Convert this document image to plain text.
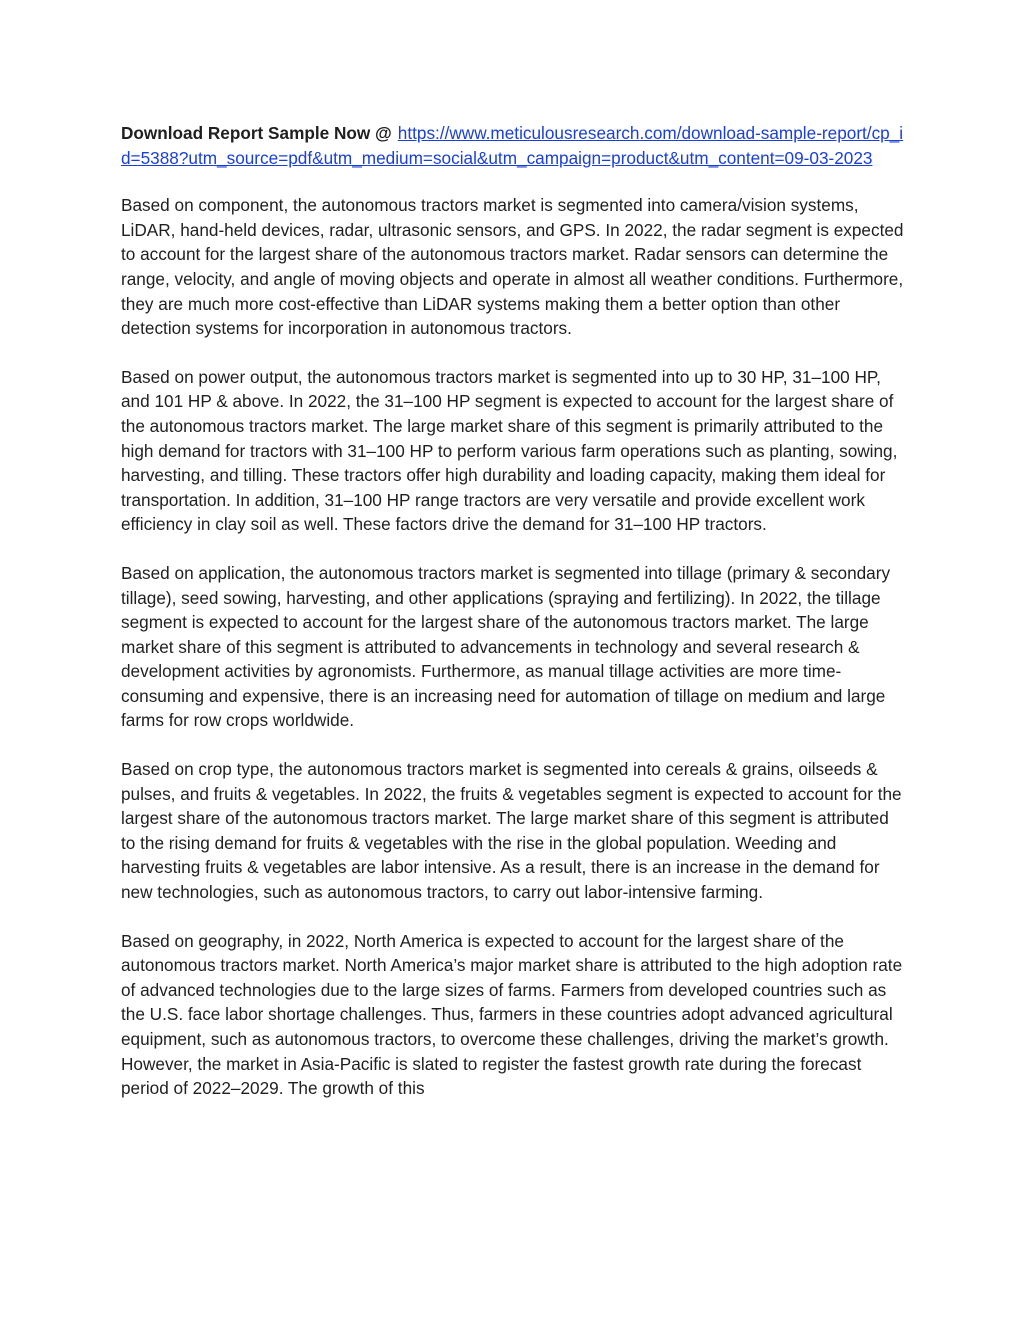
Download Report Sample Now @ https://www.meticulousresearch.com/download-sample-report/cp_id=5388?utm_source=pdf&utm_medium=social&utm_campaign=product&utm_content=09-03-2023

Based on component, the autonomous tractors market is segmented into camera/vision systems, LiDAR, hand-held devices, radar, ultrasonic sensors, and GPS. In 2022, the radar segment is expected to account for the largest share of the autonomous tractors market. Radar sensors can determine the range, velocity, and angle of moving objects and operate in almost all weather conditions. Furthermore, they are much more cost-effective than LiDAR systems making them a better option than other detection systems for incorporation in autonomous tractors.

Based on power output, the autonomous tractors market is segmented into up to 30 HP, 31–100 HP, and 101 HP & above. In 2022, the 31–100 HP segment is expected to account for the largest share of the autonomous tractors market. The large market share of this segment is primarily attributed to the high demand for tractors with 31–100 HP to perform various farm operations such as planting, sowing, harvesting, and tilling. These tractors offer high durability and loading capacity, making them ideal for transportation. In addition, 31–100 HP range tractors are very versatile and provide excellent work efficiency in clay soil as well. These factors drive the demand for 31–100 HP tractors.

Based on application, the autonomous tractors market is segmented into tillage (primary & secondary tillage), seed sowing, harvesting, and other applications (spraying and fertilizing). In 2022, the tillage segment is expected to account for the largest share of the autonomous tractors market. The large market share of this segment is attributed to advancements in technology and several research & development activities by agronomists. Furthermore, as manual tillage activities are more time-consuming and expensive, there is an increasing need for automation of tillage on medium and large farms for row crops worldwide.

Based on crop type, the autonomous tractors market is segmented into cereals & grains, oilseeds & pulses, and fruits & vegetables. In 2022, the fruits & vegetables segment is expected to account for the largest share of the autonomous tractors market. The large market share of this segment is attributed to the rising demand for fruits & vegetables with the rise in the global population. Weeding and harvesting fruits & vegetables are labor intensive. As a result, there is an increase in the demand for new technologies, such as autonomous tractors, to carry out labor-intensive farming.

Based on geography, in 2022, North America is expected to account for the largest share of the autonomous tractors market. North America’s major market share is attributed to the high adoption rate of advanced technologies due to the large sizes of farms. Farmers from developed countries such as the U.S. face labor shortage challenges. Thus, farmers in these countries adopt advanced agricultural equipment, such as autonomous tractors, to overcome these challenges, driving the market’s growth. However, the market in Asia-Pacific is slated to register the fastest growth rate during the forecast period of 2022–2029. The growth of this
